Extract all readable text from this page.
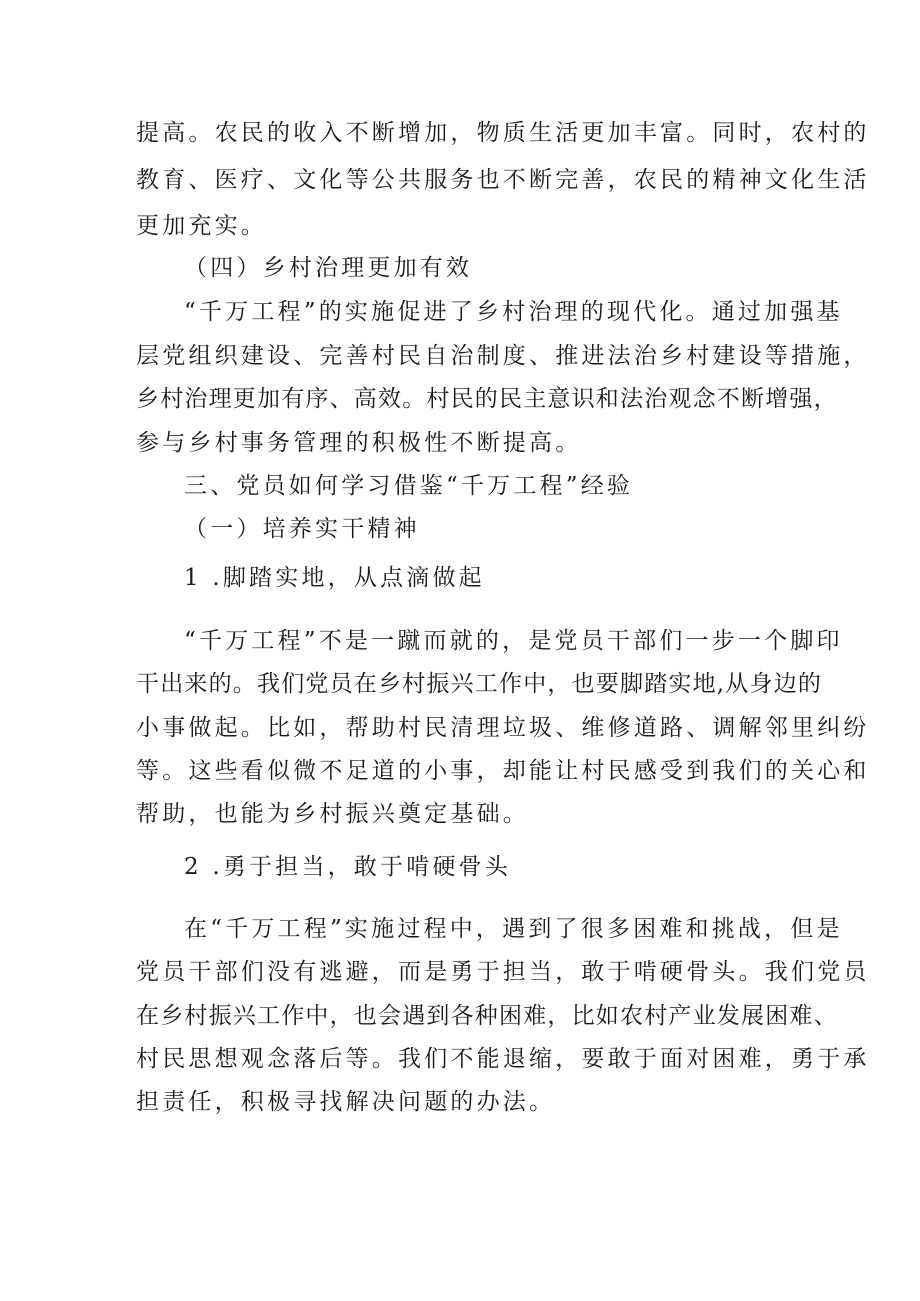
提高。农民的收入不断增加，物质生活更加丰富。同时，农村的
教育、医疗、文化等公共服务也不断完善，农民的精神文化生活
更加充实。
（四）乡村治理更加有效
“千万工程”的实施促进了乡村治理的现代化。通过加强基
层党组织建设、完善村民自治制度、推进法治乡村建设等措施，
乡村治理更加有序、高效。村民的民主意识和法治观念不断增强，
参与乡村事务管理的积极性不断提高。
三、党员如何学习借鉴“千万工程”经验
（一）培养实干精神
1 .脚踏实地，从点滴做起
“千万工程”不是一蹴而就的，是党员干部们一步一个脚印
干出来的。我们党员在乡村振兴工作中，也要脚踏实地,从身边的
小事做起。比如，帮助村民清理垃圾、维修道路、调解邻里纠纷
等。这些看似微不足道的小事，却能让村民感受到我们的关心和
帮助，也能为乡村振兴奠定基础。
2 .勇于担当，敢于啃硬骨头
在“千万工程”实施过程中，遇到了很多困难和挑战，但是
党员干部们没有逃避，而是勇于担当，敢于啃硬骨头。我们党员
在乡村振兴工作中，也会遇到各种困难，比如农村产业发展困难、
村民思想观念落后等。我们不能退缩，要敢于面对困难，勇于承
担责任，积极寻找解决问题的办法。
